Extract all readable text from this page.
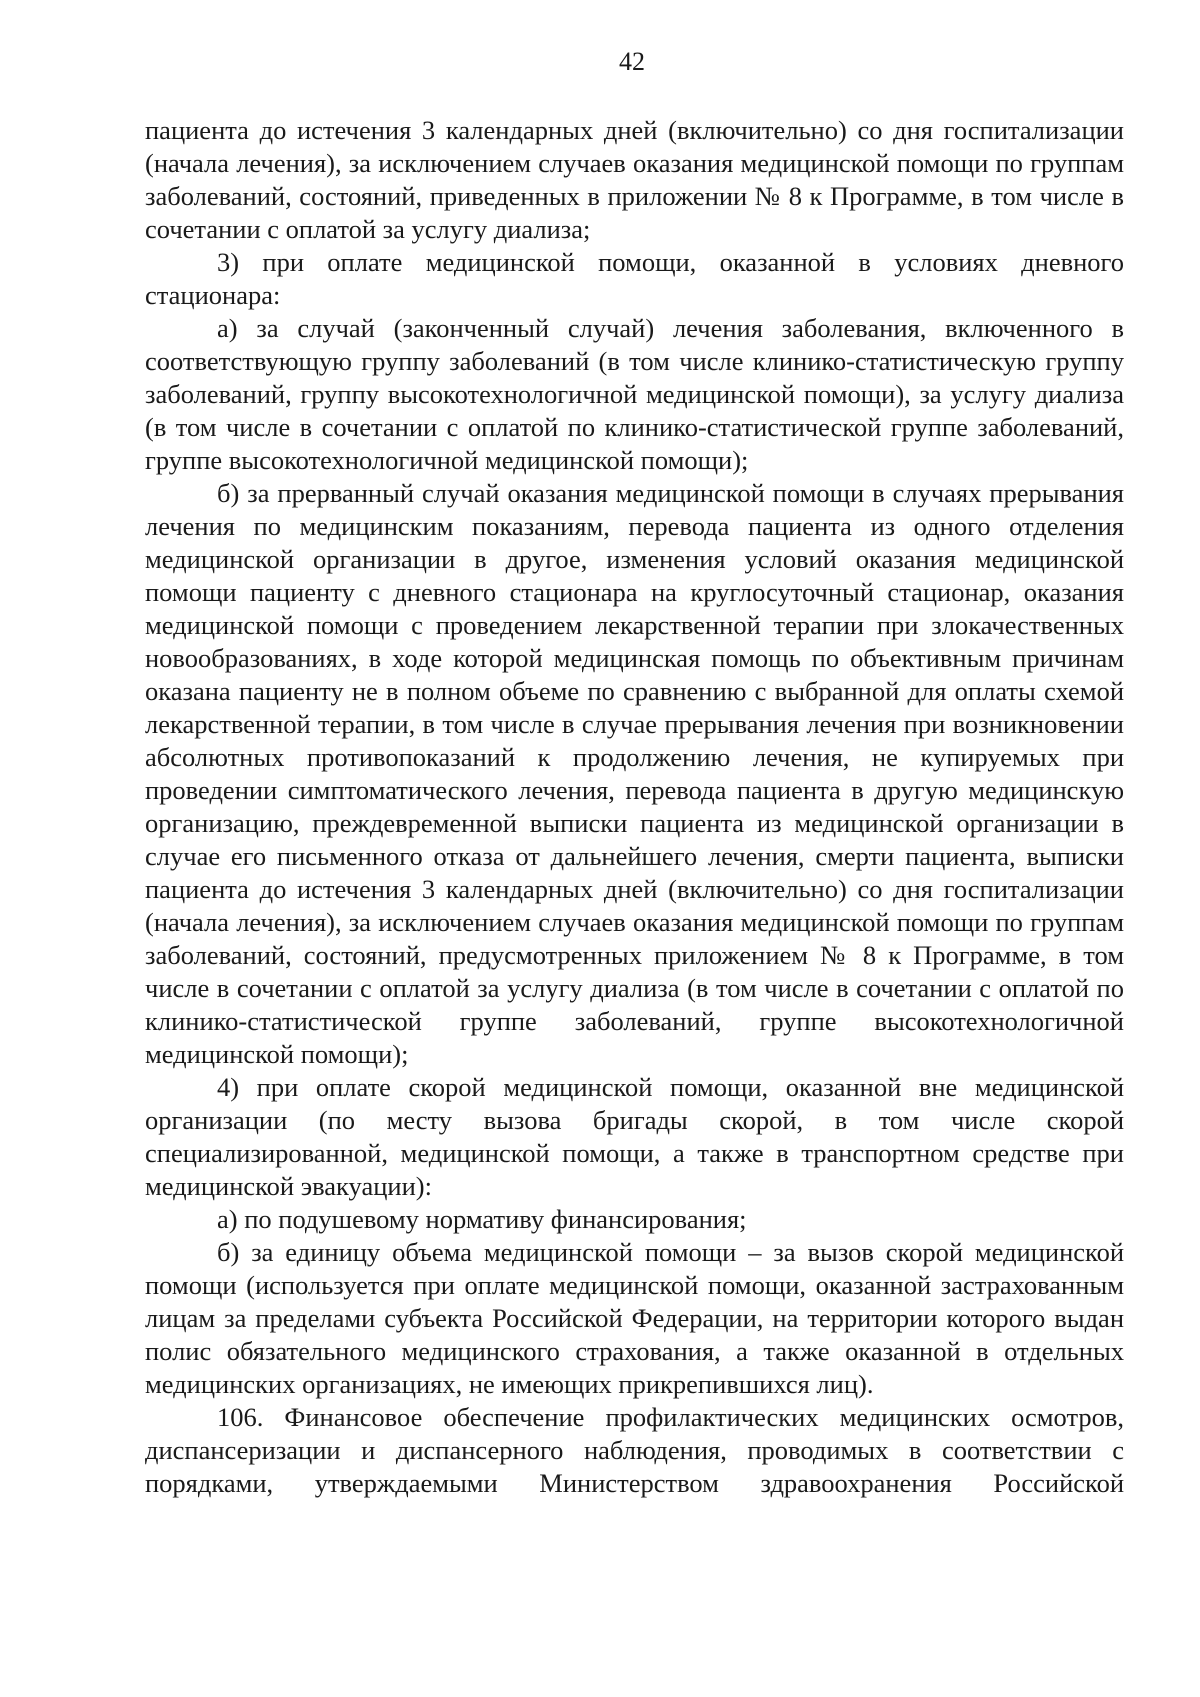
42

пациента до истечения 3 календарных дней (включительно) со дня госпитализации (начала лечения), за исключением случаев оказания медицинской помощи по группам заболеваний, состояний, приведенных в приложении № 8 к Программе, в том числе в сочетании с оплатой за услугу диализа;

3) при оплате медицинской помощи, оказанной в условиях дневного стационара:

а) за случай (законченный случай) лечения заболевания, включенного в соответствующую группу заболеваний (в том числе клинико-статистическую группу заболеваний, группу высокотехнологичной медицинской помощи), за услугу диализа (в том числе в сочетании с оплатой по клинико-статистической группе заболеваний, группе высокотехнологичной медицинской помощи);

б) за прерванный случай оказания медицинской помощи в случаях прерывания лечения по медицинским показаниям, перевода пациента из одного отделения медицинской организации в другое, изменения условий оказания медицинской помощи пациенту с дневного стационара на круглосуточный стационар, оказания медицинской помощи с проведением лекарственной терапии при злокачественных новообразованиях, в ходе которой медицинская помощь по объективным причинам оказана пациенту не в полном объеме по сравнению с выбранной для оплаты схемой лекарственной терапии, в том числе в случае прерывания лечения при возникновении абсолютных противопоказаний к продолжению лечения, не купируемых при проведении симптоматического лечения, перевода пациента в другую медицинскую организацию, преждевременной выписки пациента из медицинской организации в случае его письменного отказа от дальнейшего лечения, смерти пациента, выписки пациента до истечения 3 календарных дней (включительно) со дня госпитализации (начала лечения), за исключением случаев оказания медицинской помощи по группам заболеваний, состояний, предусмотренных приложением № 8 к Программе, в том числе в сочетании с оплатой за услугу диализа (в том числе в сочетании с оплатой по клинико-статистической группе заболеваний, группе высокотехнологичной медицинской помощи);

4) при оплате скорой медицинской помощи, оказанной вне медицинской организации (по месту вызова бригады скорой, в том числе скорой специализированной, медицинской помощи, а также в транспортном средстве при медицинской эвакуации):

а) по подушевому нормативу финансирования;

б) за единицу объема медицинской помощи – за вызов скорой медицинской помощи (используется при оплате медицинской помощи, оказанной застрахованным лицам за пределами субъекта Российской Федерации, на территории которого выдан полис обязательного медицинского страхования, а также оказанной в отдельных медицинских организациях, не имеющих прикрепившихся лиц).

106. Финансовое обеспечение профилактических медицинских осмотров, диспансеризации и диспансерного наблюдения, проводимых в соответствии с порядками, утверждаемыми Министерством здравоохранения Российской
